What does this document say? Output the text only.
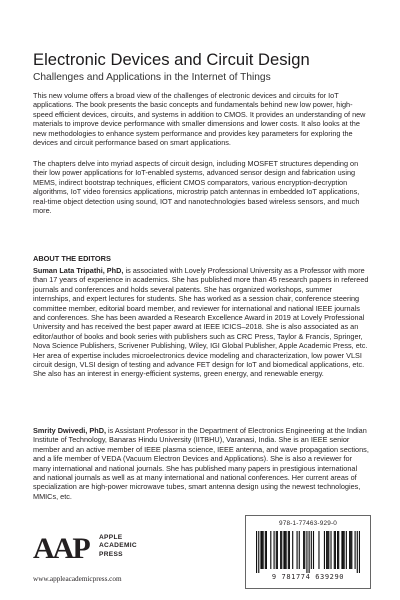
Electronic Devices and Circuit Design
Challenges and Applications in the Internet of Things

This new volume offers a broad view of the challenges of electronic devices and circuits for IoT applications. The book presents the basic concepts and fundamentals behind new low power, high-speed efficient devices, circuits, and systems in addition to CMOS. It provides an understanding of new materials to improve device performance with smaller dimensions and lower costs. It also looks at the new methodologies to enhance system performance and provides key parameters for exploring the devices and circuit performance based on smart applications.

The chapters delve into myriad aspects of circuit design, including MOSFET structures depending on their low power applications for IoT-enabled systems, advanced sensor design and fabrication using MEMS, indirect bootstrap techniques, efficient CMOS comparators, various encryption-decryption algorithms, IoT video forensics applications, microstrip patch antennas in embedded IoT applications, real-time object detection using sound, IOT and nanotechnologies based wireless sensors, and much more.

ABOUT THE EDITORS

Suman Lata Tripathi, PhD, is associated with Lovely Professional University as a Professor with more than 17 years of experience in academics. She has published more than 45 research papers in refereed journals and conferences and holds several patents. She has organized workshops, summer internships, and expert lectures for students. She has worked as a session chair, conference steering committee member, editorial board member, and reviewer for international and national IEEE journals and conferences. She has been awarded a Research Excellence Award in 2019 at Lovely Professional University and has received the best paper award at IEEE ICICS–2018. She is also associated as an editor/author of books and book series with publishers such as CRC Press, Taylor & Francis, Springer, Nova Science Publishers, Scrivener Publishing, Wiley, IGI Global Publisher, Apple Academic Press, etc. Her area of expertise includes microelectronics device modeling and characterization, low power VLSI circuit design, VLSI design of testing and advance FET design for IoT and biomedical applications, etc. She also has an interest in energy-efficient systems, green energy, and renewable energy.

Smrity Dwivedi, PhD, is Assistant Professor in the Department of Electronics Engineering at the Indian Institute of Technology, Banaras Hindu University (IITBHU), Varanasi, India. She is an IEEE senior member and an active member of IEEE plasma science, IEEE antenna, and wave propagation sections, and a life member of VEDA (Vacuum Electron Devices and Applications). She is also a reviewer for many international and national journals. She has published many papers in prestigious international and national journals as well as at many international and national conferences. Her current areas of specialization are high-power microwave tubes, smart antenna design using the newest technologies, MMICs, etc.

AAP APPLE
ACADEMIC
PRESS
www.appleacademicpress.com
978-1-77463-929-0
9 781774 639290
